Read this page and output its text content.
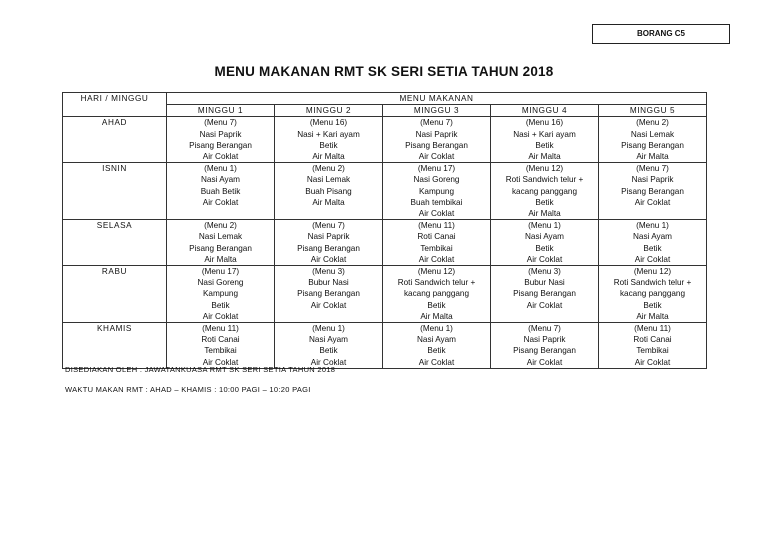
BORANG C5
MENU MAKANAN RMT SK SERI SETIA TAHUN 2018
HARI / MINGGU	MENU MAKANAN				
	MINGGU 1	MINGGU 2	MINGGU 3	MINGGU 4	MINGGU 5
AHAD	(Menu 7)
Nasi Paprik
Pisang Berangan
Air Coklat	(Menu 16)
Nasi + Kari ayam
Betik
Air Malta	(Menu 7)
Nasi Paprik
Pisang Berangan
Air Coklat	(Menu 16)
Nasi + Kari ayam
Betik
Air Malta	(Menu 2)
Nasi Lemak
Pisang Berangan
Air Malta

ISNIN	(Menu 1)
Nasi Ayam
Buah Betik
Air Coklat	(Menu 2)
Nasi Lemak
Buah Pisang
Air Malta	(Menu 17)
Nasi Goreng
Kampung
Buah tembikai
Air Coklat	(Menu 12)
Roti Sandwich telur +
kacang panggang
Betik
Air Malta	(Menu 7)
Nasi Paprik
Pisang Berangan
Air Coklat

SELASA	(Menu 2)
Nasi Lemak
Pisang Berangan
Air Malta	(Menu 7)
Nasi Paprik
Pisang Berangan
Air Coklat	(Menu 11)
Roti Canai
Tembikai
Air Coklat	(Menu 1)
Nasi Ayam
Betik
Air Coklat	(Menu 1)
Nasi Ayam
Betik
Air Coklat

RABU	(Menu 17)
Nasi Goreng
Kampung
Betik
Air Coklat	(Menu 3)
Bubur Nasi
Pisang Berangan
Air Coklat	(Menu 12)
Roti Sandwich telur +
kacang panggang
Betik
Air Malta	(Menu 3)
Bubur Nasi
Pisang Berangan
Air Coklat	(Menu 12)
Roti Sandwich telur +
kacang panggang
Betik
Air Malta

KHAMIS	(Menu 11)
Roti Canai
Tembikai
Air Coklat	(Menu 1)
Nasi Ayam
Betik
Air Coklat	(Menu 1)
Nasi Ayam
Betik
Air Coklat	(Menu 7)
Nasi Paprik
Pisang Berangan
Air Coklat	(Menu 11)
Roti Canai
Tembikai
Air Coklat
DISEDIAKAN OLEH : JAWATANKUASA RMT SK SERI SETIA TAHUN 2018
WAKTU MAKAN RMT : AHAD – KHAMIS : 10:00 PAGI – 10:20 PAGI
